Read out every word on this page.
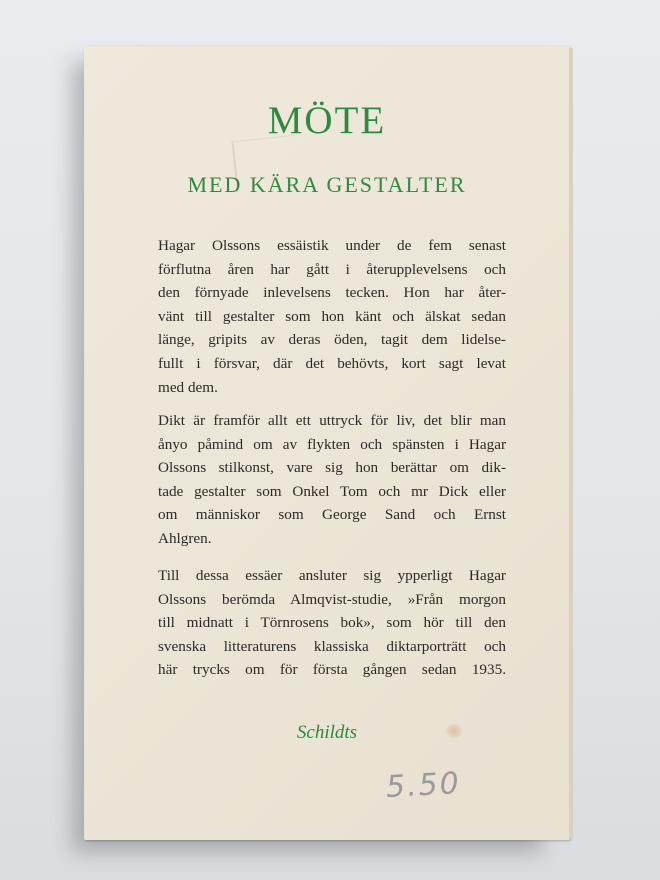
MÖTE
MED KÄRA GESTALTER
Hagar Olssons essäistik under de fem senast
förflutna åren har gått i återupplevelsens och
den förnyade inlevelsens tecken. Hon har åter-
vänt till gestalter som hon känt och älskat sedan
länge, gripits av deras öden, tagit dem lidelse-
fullt i försvar, där det behövts, kort sagt levat
med dem.
Dikt är framför allt ett uttryck för liv, det blir man
ånyo påmind om av flykten och spänsten i Hagar
Olssons stilkonst, vare sig hon berättar om dik-
tade gestalter som Onkel Tom och mr Dick eller
om människor som George Sand och Ernst
Ahlgren.
Till dessa essäer ansluter sig ypperligt Hagar
Olssons berömda Almqvist-studie, »Från morgon
till midnatt i Törnrosens bok», som hör till den
svenska litteraturens klassiska diktarporträtt och
här trycks om för första gången sedan 1935.
Schildts
5.50
